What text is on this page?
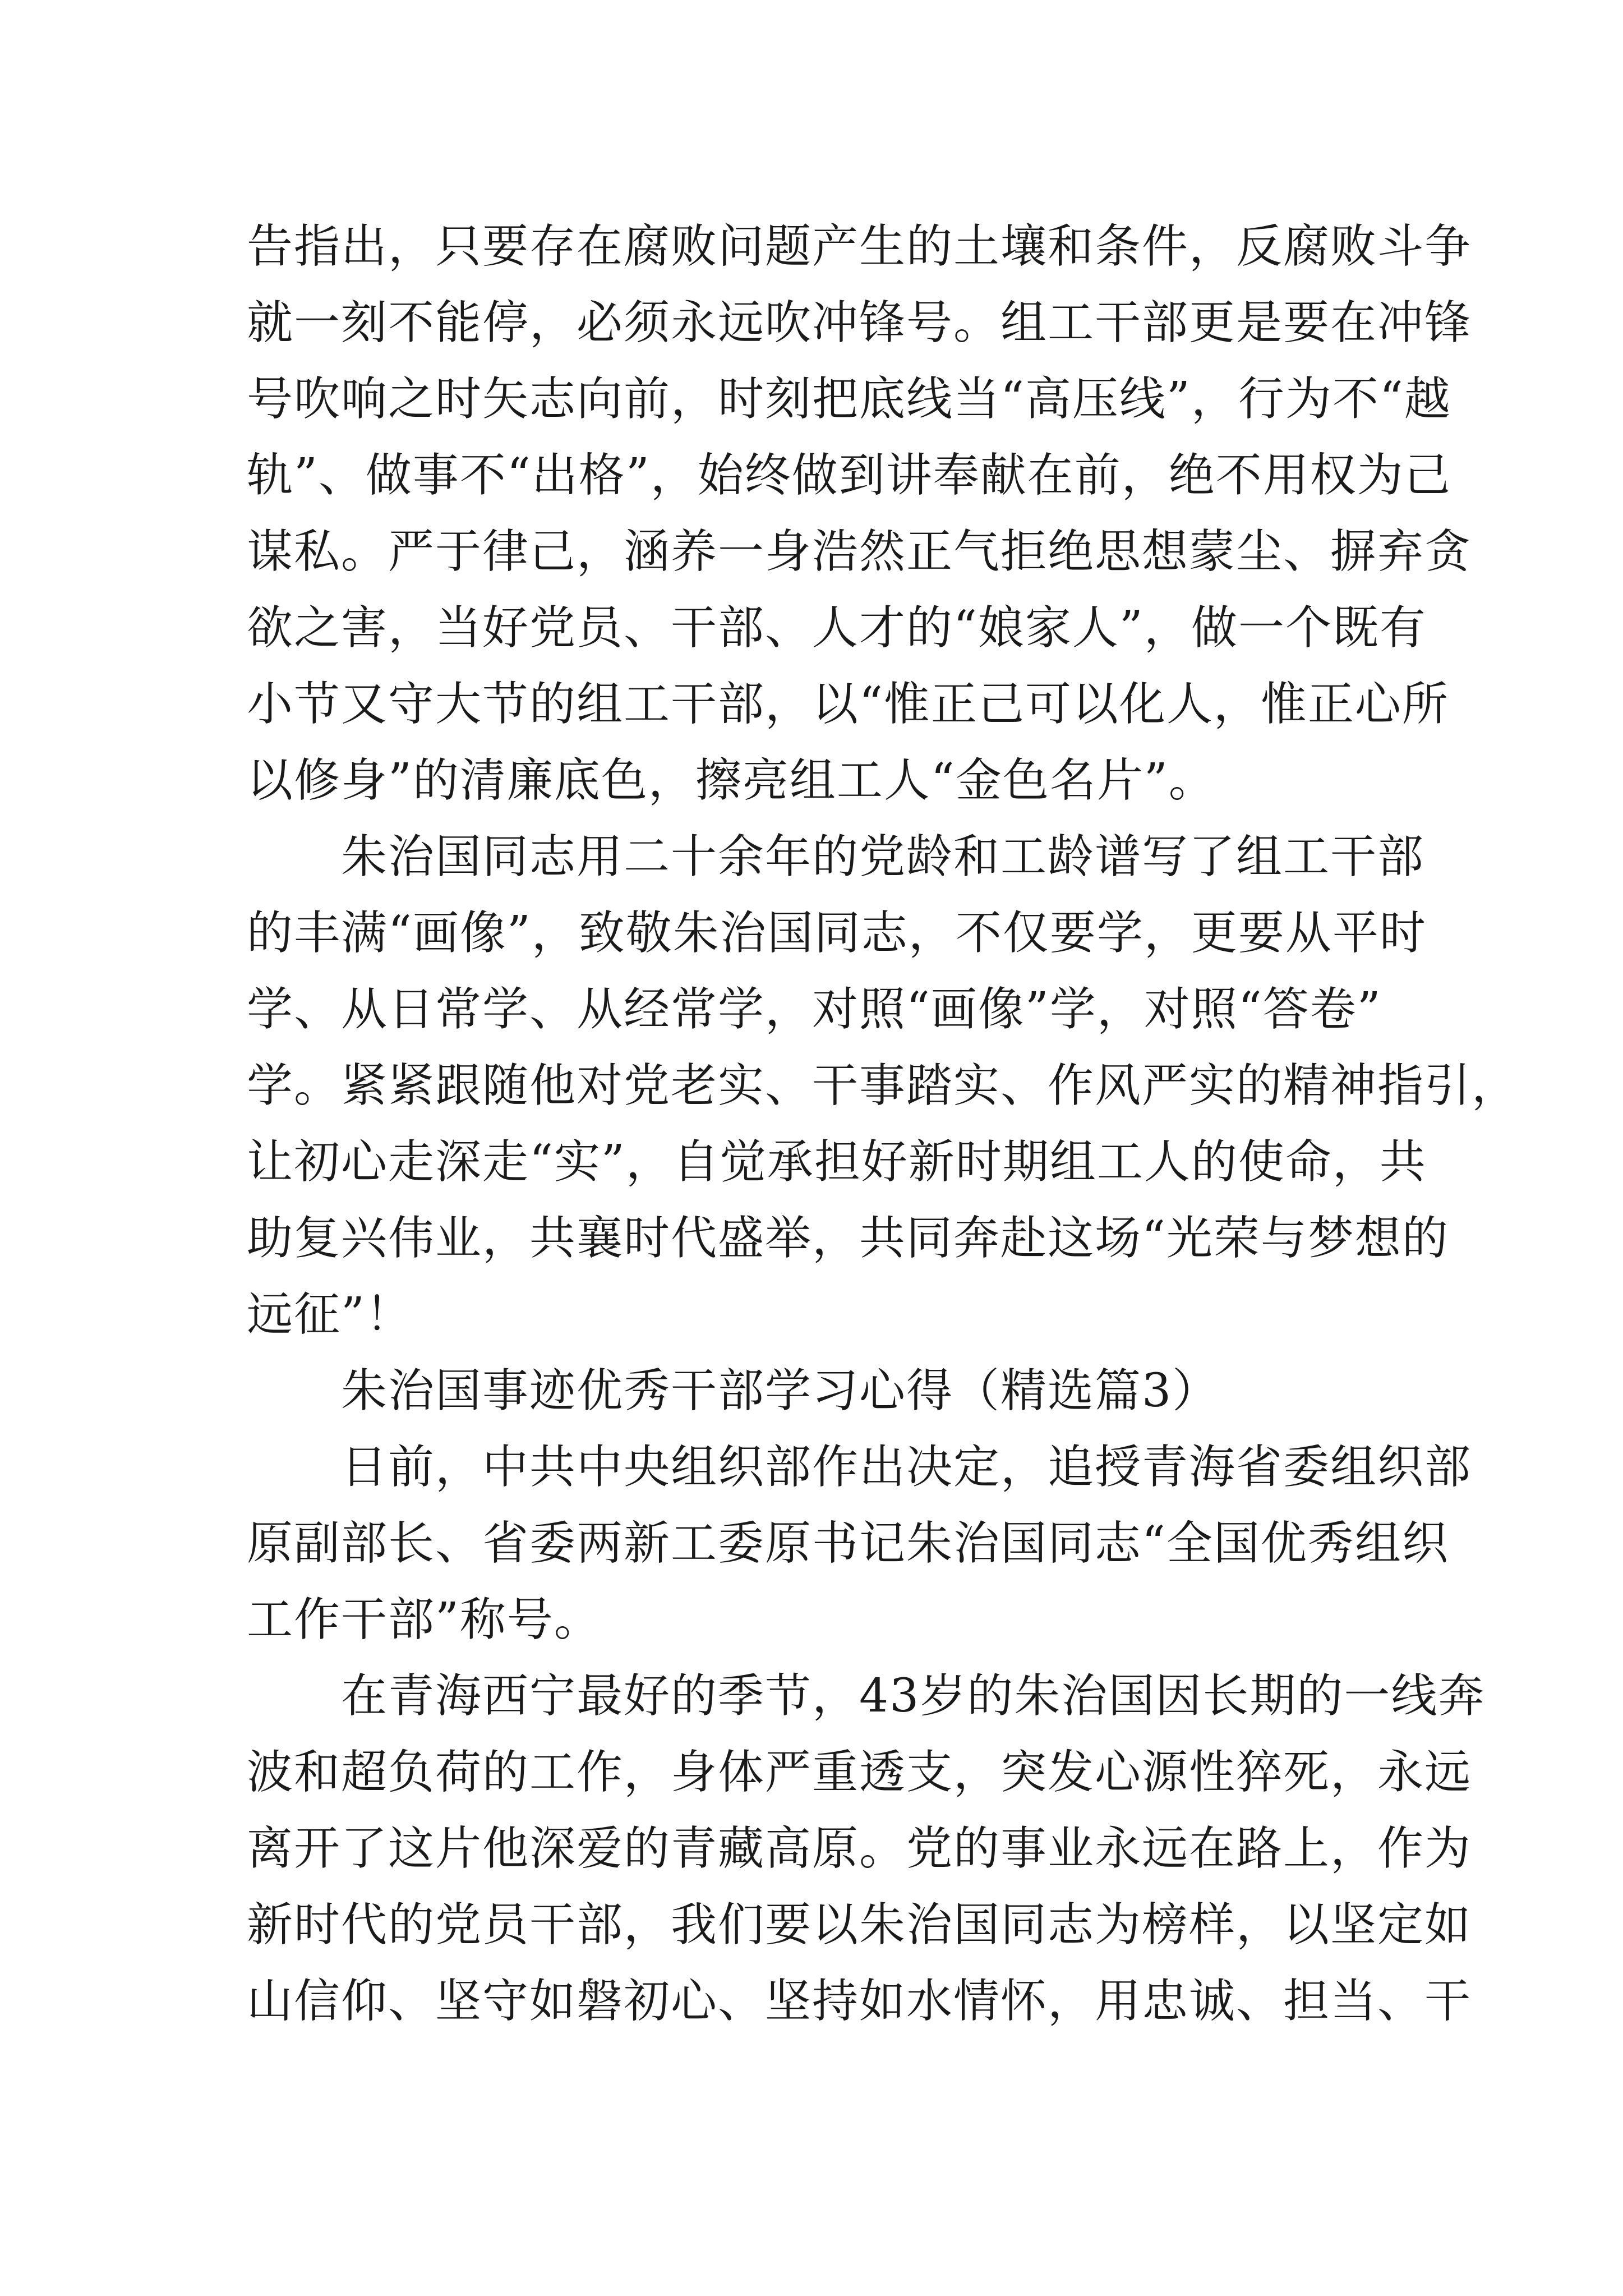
告指出，只要存在腐败问题产生的土壤和条件，反腐败斗争
就一刻不能停，必须永远吹冲锋号。组工干部更是要在冲锋
号吹响之时矢志向前，时刻把底线当“高压线”，行为不“越
轨”、做事不“出格”，始终做到讲奉献在前，绝不用权为己
谋私。严于律己，涵养一身浩然正气拒绝思想蒙尘、摒弃贪
欲之害，当好党员、干部、人才的“娘家人”，做一个既有
小节又守大节的组工干部，以“惟正己可以化人，惟正心所
以修身”的清廉底色，擦亮组工人“金色名片”。
　　朱治国同志用二十余年的党龄和工龄谱写了组工干部
的丰满“画像”，致敬朱治国同志，不仅要学，更要从平时
学、从日常学、从经常学，对照“画像”学，对照“答卷”
学。紧紧跟随他对党老实、干事踏实、作风严实的精神指引，
让初心走深走“实”，自觉承担好新时期组工人的使命，共
助复兴伟业，共襄时代盛举，共同奔赴这场“光荣与梦想的
远征”！
　　朱治国事迹优秀干部学习心得（精选篇3）
　　日前，中共中央组织部作出决定，追授青海省委组织部
原副部长、省委两新工委原书记朱治国同志“全国优秀组织
工作干部”称号。
　　在青海西宁最好的季节，43岁的朱治国因长期的一线奔
波和超负荷的工作，身体严重透支，突发心源性猝死，永远
离开了这片他深爱的青藏高原。党的事业永远在路上，作为
新时代的党员干部，我们要以朱治国同志为榜样，以坚定如
山信仰、坚守如磐初心、坚持如水情怀，用忠诚、担当、干
